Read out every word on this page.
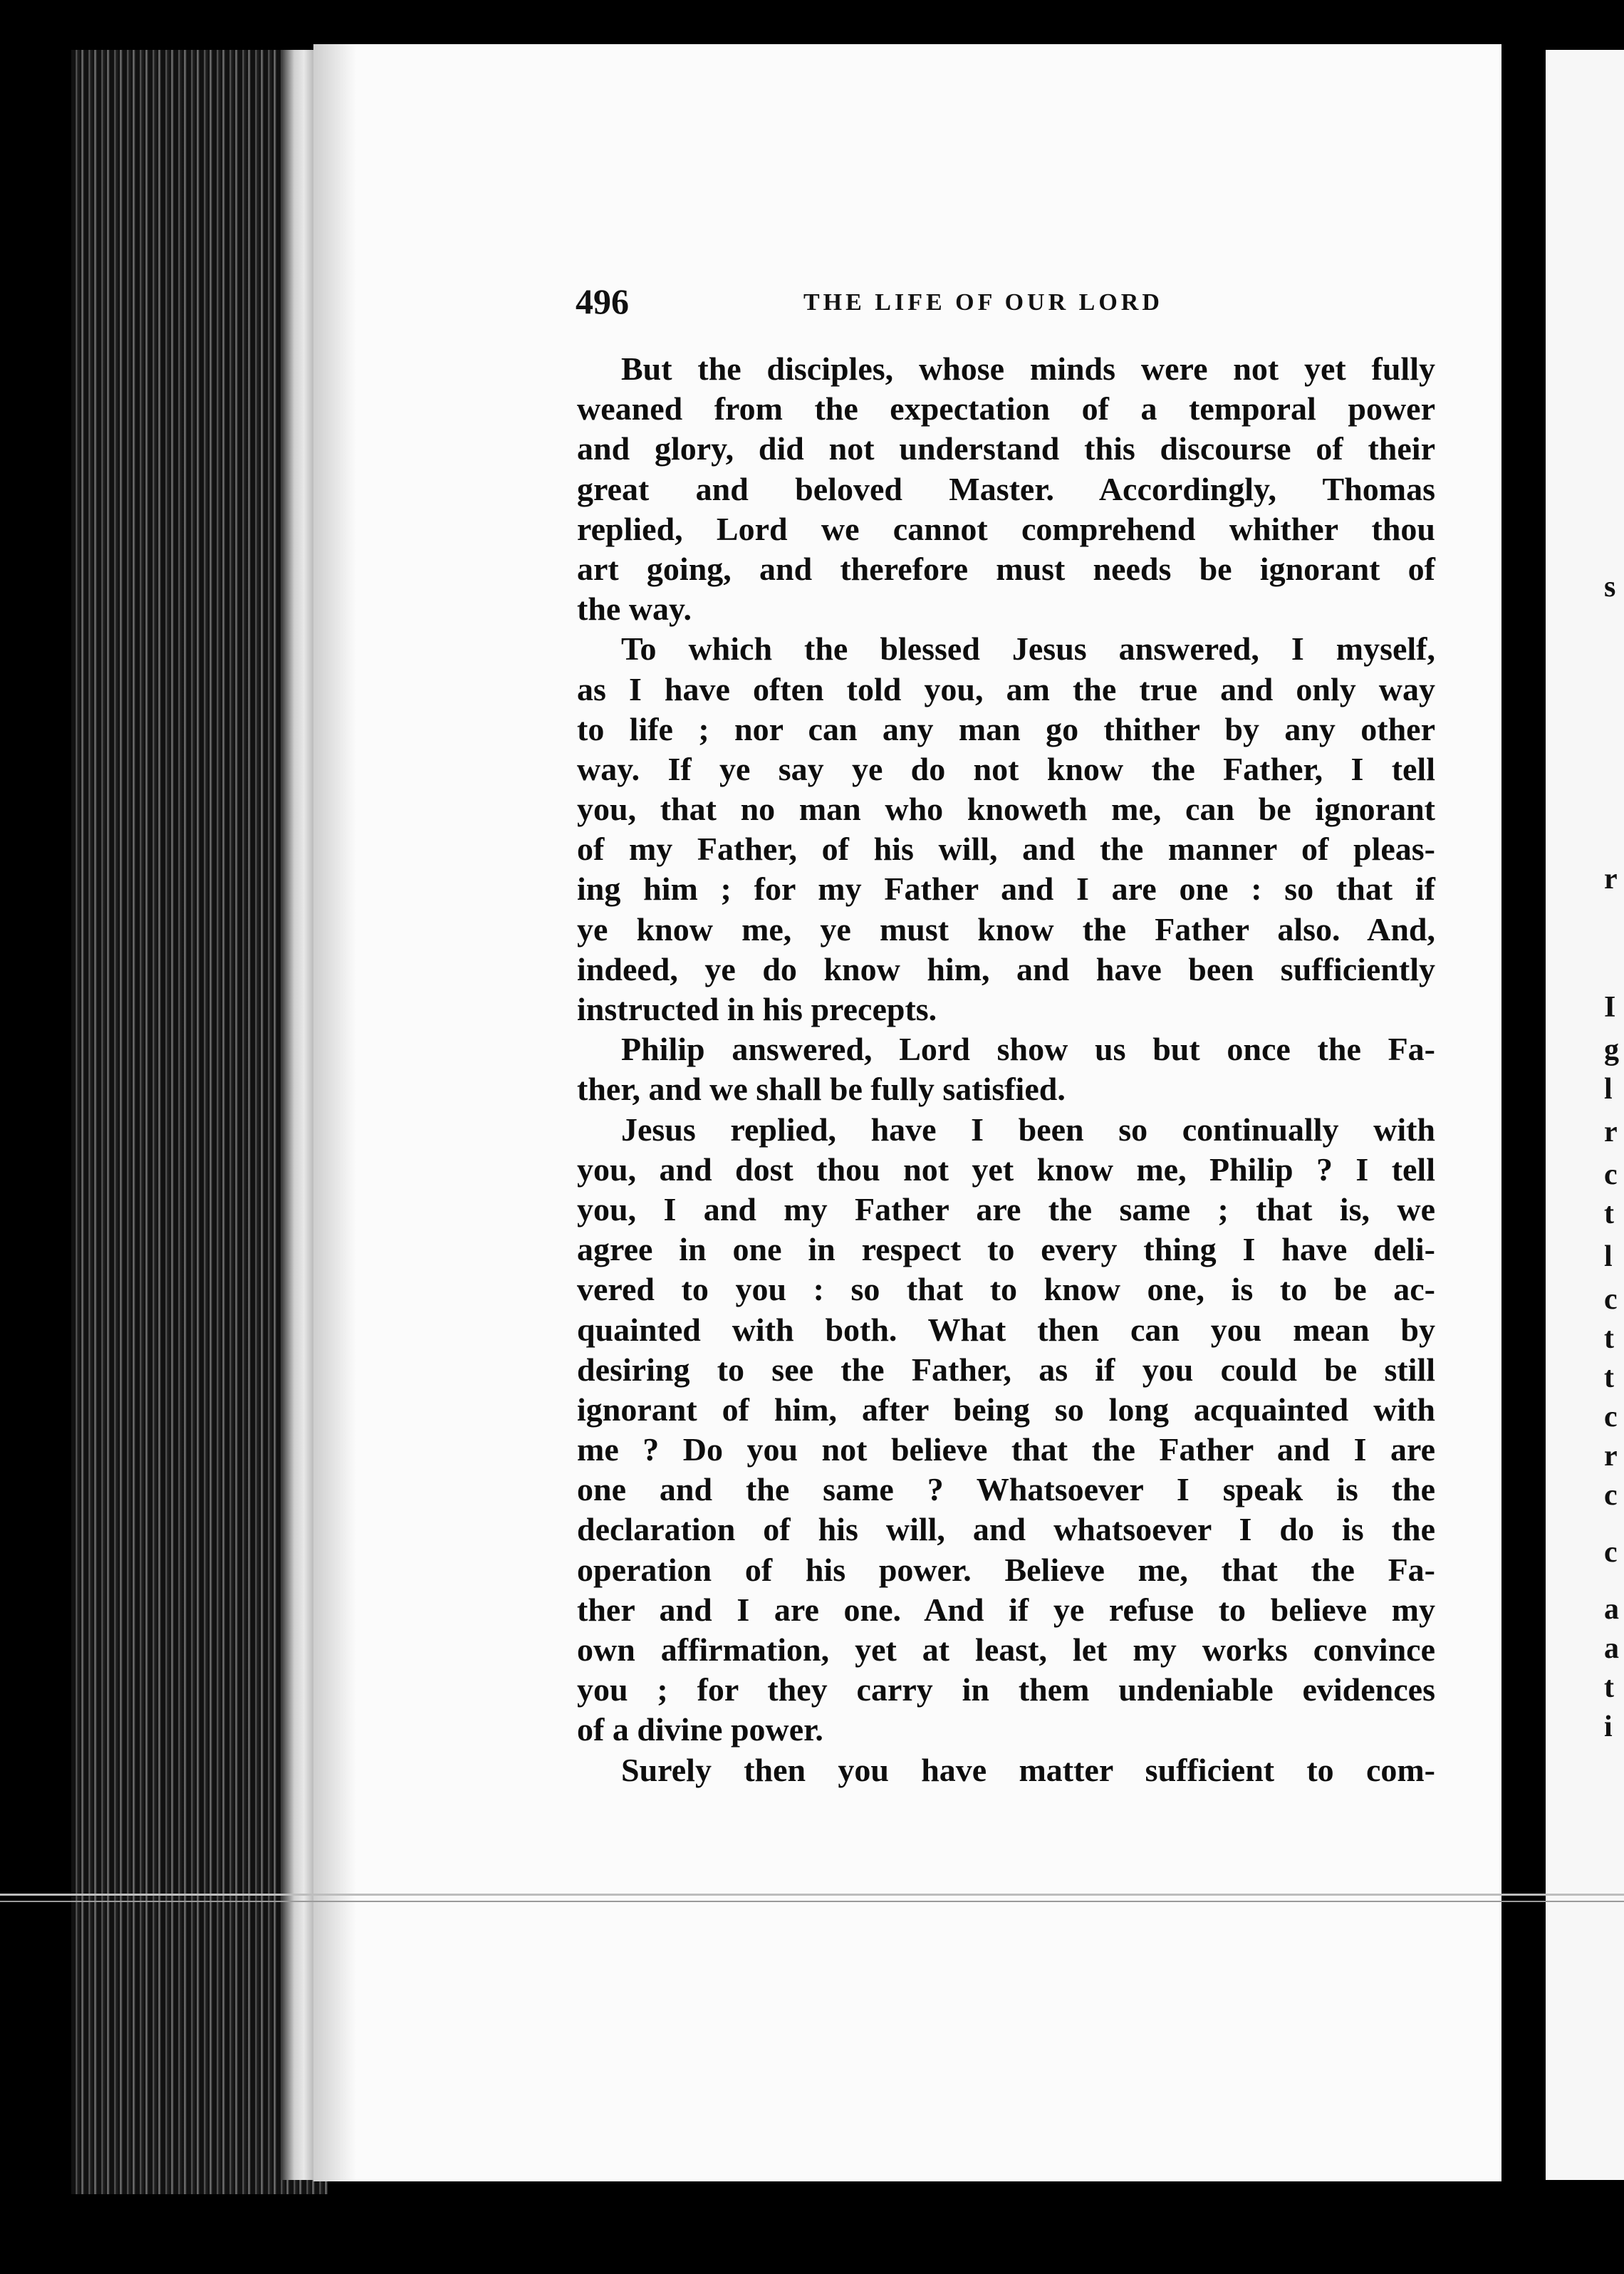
s
r
I
g
l
r
c
t
l
c
t
t
c
r
c
c
a
a
t
i
496	THE LIFE OF OUR LORD
But the disciples, whose minds were not yet fully
weaned from the expectation of a temporal power
and glory, did not understand this discourse of their
great and beloved Master. Accordingly, Thomas
replied, Lord we cannot comprehend whither thou
art going, and therefore must needs be ignorant of
the way.
To which the blessed Jesus answered, I myself,
as I have often told you, am the true and only way
to life ; nor can any man go thither by any other
way. If ye say ye do not know the Father, I tell
you, that no man who knoweth me, can be ignorant
of my Father, of his will, and the manner of pleas-
ing him ; for my Father and I are one : so that if
ye know me, ye must know the Father also. And,
indeed, ye do know him, and have been sufficiently
instructed in his precepts.
Philip answered, Lord show us but once the Fa-
ther, and we shall be fully satisfied.
Jesus replied, have I been so continually with
you, and dost thou not yet know me, Philip ? I tell
you, I and my Father are the same ; that is, we
agree in one in respect to every thing I have deli-
vered to you : so that to know one, is to be ac-
quainted with both. What then can you mean by
desiring to see the Father, as if you could be still
ignorant of him, after being so long acquainted with
me ? Do you not believe that the Father and I are
one and the same ? Whatsoever I speak is the
declaration of his will, and whatsoever I do is the
operation of his power. Believe me, that the Fa-
ther and I are one. And if ye refuse to believe my
own affirmation, yet at least, let my works convince
you ; for they carry in them undeniable evidences
of a divine power.
Surely then you have matter sufficient to com-
